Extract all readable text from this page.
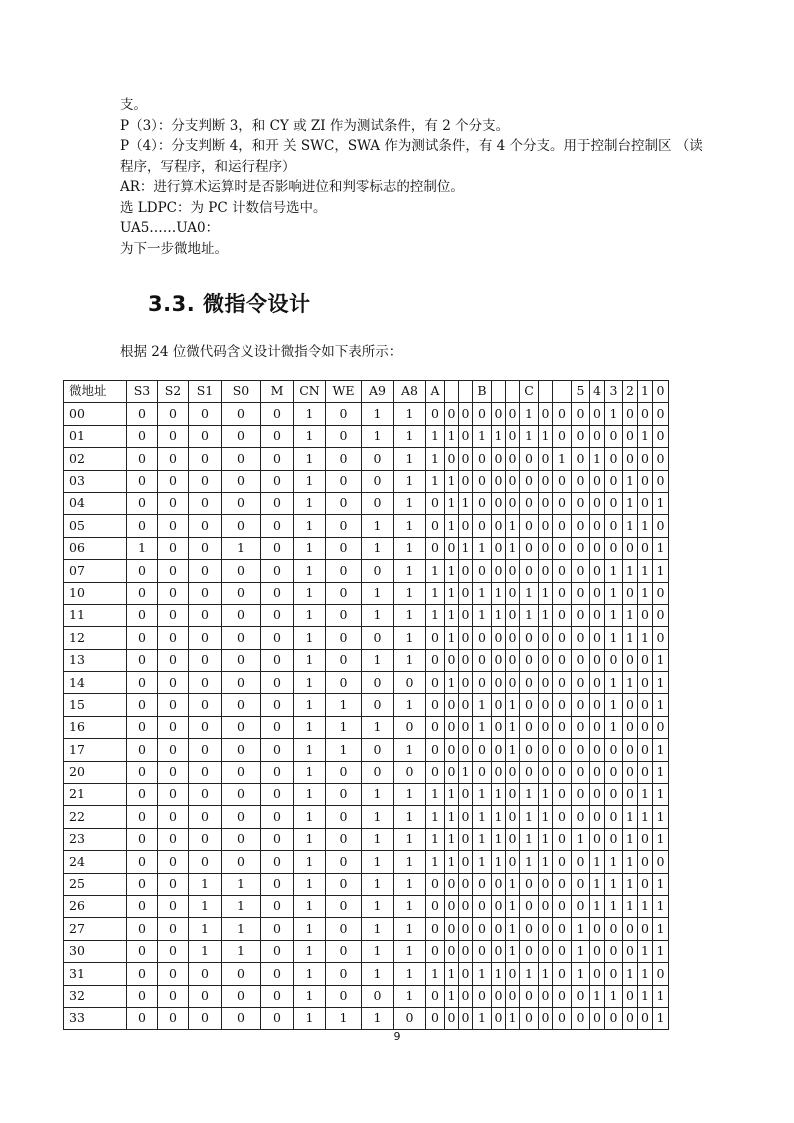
支。
P（3）：分支判断 3，和 CY 或 ZI 作为测试条件，有 2 个分支。
P（4）：分支判断 4，和开 关 SWC，SWA 作为测试条件，有 4 个分支。用于控制台控制区 （读
程序，写程序，和运行程序）
AR：进行算术运算时是否影响进位和判零标志的控制位。
选 LDPC：为 PC 计数信号选中。
UA5……UA0：
为下一步微地址。
3.3. 微指令设计
根据 24 位微代码含义设计微指令如下表所示：
微地址	S3	S2	S1	S0	M	CN	WE	A9	A8	A			B			C			5	4	3	2	1	0
00	0	0	0	0	0	1	0	1	1	0	0	0	0	0	0	1	0	0	0	0	1	0	0	0
01	0	0	0	0	0	1	0	1	1	1	1	0	1	1	0	1	1	0	0	0	0	0	1	0
02	0	0	0	0	0	1	0	0	1	1	0	0	0	0	0	0	0	1	0	1	0	0	0	0
03	0	0	0	0	0	1	0	0	1	1	1	0	0	0	0	0	0	0	0	0	0	1	0	0
04	0	0	0	0	0	1	0	0	1	0	1	1	0	0	0	0	0	0	0	0	0	1	0	1
05	0	0	0	0	0	1	0	1	1	0	1	0	0	0	1	0	0	0	0	0	0	1	1	0
06	1	0	0	1	0	1	0	1	1	0	0	1	1	0	1	0	0	0	0	0	0	0	0	1
07	0	0	0	0	0	1	0	0	1	1	1	0	0	0	0	0	0	0	0	0	1	1	1	1
10	0	0	0	0	0	1	0	1	1	1	1	0	1	1	0	1	1	0	0	0	1	0	1	0
11	0	0	0	0	0	1	0	1	1	1	1	0	1	1	0	1	1	0	0	0	1	1	0	0
12	0	0	0	0	0	1	0	0	1	0	1	0	0	0	0	0	0	0	0	0	1	1	1	0
13	0	0	0	0	0	1	0	1	1	0	0	0	0	0	0	0	0	0	0	0	0	0	0	1
14	0	0	0	0	0	1	0	0	0	0	1	0	0	0	0	0	0	0	0	0	1	1	0	1
15	0	0	0	0	0	1	1	0	1	0	0	0	1	0	1	0	0	0	0	0	1	0	0	1
16	0	0	0	0	0	1	1	1	0	0	0	0	1	0	1	0	0	0	0	0	1	0	0	0
17	0	0	0	0	0	1	1	0	1	0	0	0	0	0	1	0	0	0	0	0	0	0	0	1
20	0	0	0	0	0	1	0	0	0	0	0	1	0	0	0	0	0	0	0	0	0	0	0	1
21	0	0	0	0	0	1	0	1	1	1	1	0	1	1	0	1	1	0	0	0	0	0	1	1
22	0	0	0	0	0	1	0	1	1	1	1	0	1	1	0	1	1	0	0	0	0	1	1	1
23	0	0	0	0	0	1	0	1	1	1	1	0	1	1	0	1	1	0	1	0	0	1	0	1
24	0	0	0	0	0	1	0	1	1	1	1	0	1	1	0	1	1	0	0	1	1	1	0	0
25	0	0	1	1	0	1	0	1	1	0	0	0	0	0	1	0	0	0	0	1	1	1	0	1
26	0	0	1	1	0	1	0	1	1	0	0	0	0	0	1	0	0	0	0	1	1	1	1	1
27	0	0	1	1	0	1	0	1	1	0	0	0	0	0	1	0	0	0	1	0	0	0	0	1
30	0	0	1	1	0	1	0	1	1	0	0	0	0	0	1	0	0	0	1	0	0	0	1	1
31	0	0	0	0	0	1	0	1	1	1	1	0	1	1	0	1	1	0	1	0	0	1	1	0
32	0	0	0	0	0	1	0	0	1	0	1	0	0	0	0	0	0	0	0	1	1	0	1	1
33	0	0	0	0	0	1	1	1	0	0	0	0	1	0	1	0	0	0	0	0	0	0	0	1
9
